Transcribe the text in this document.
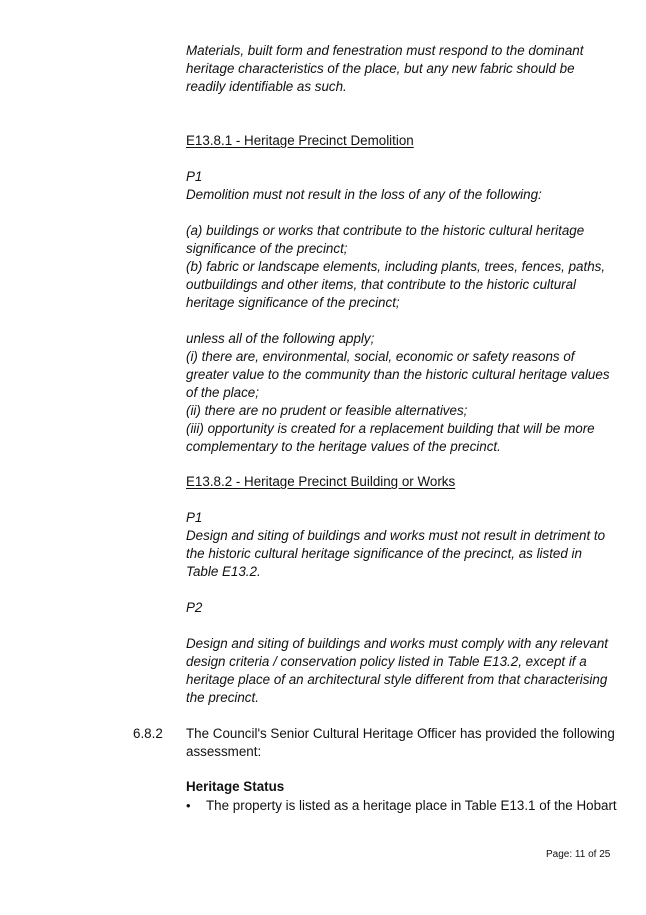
Materials, built form and fenestration must respond to the dominant
heritage characteristics of the place, but any new fabric should be
readily identifiable as such.
E13.8.1 - Heritage Precinct Demolition
P1
Demolition must not result in the loss of any of the following:
(a) buildings or works that contribute to the historic cultural heritage
significance of the precinct;
(b) fabric or landscape elements, including plants, trees, fences, paths,
outbuildings and other items, that contribute to the historic cultural
heritage significance of the precinct;
unless all of the following apply;
(i) there are, environmental, social, economic or safety reasons of
greater value to the community than the historic cultural heritage values
of the place;
(ii) there are no prudent or feasible alternatives;
(iii) opportunity is created for a replacement building that will be more
complementary to the heritage values of the precinct.
E13.8.2 - Heritage Precinct Building or Works
P1
Design and siting of buildings and works must not result in detriment to
the historic cultural heritage significance of the precinct, as listed in
Table E13.2.
P2
Design and siting of buildings and works must comply with any relevant
design criteria / conservation policy listed in Table E13.2, except if a
heritage place of an architectural style different from that characterising
the precinct.
6.8.2 The Council's Senior Cultural Heritage Officer has provided the following
assessment:
Heritage Status
• The property is listed as a heritage place in Table E13.1 of the Hobart
Page: 11 of 25
